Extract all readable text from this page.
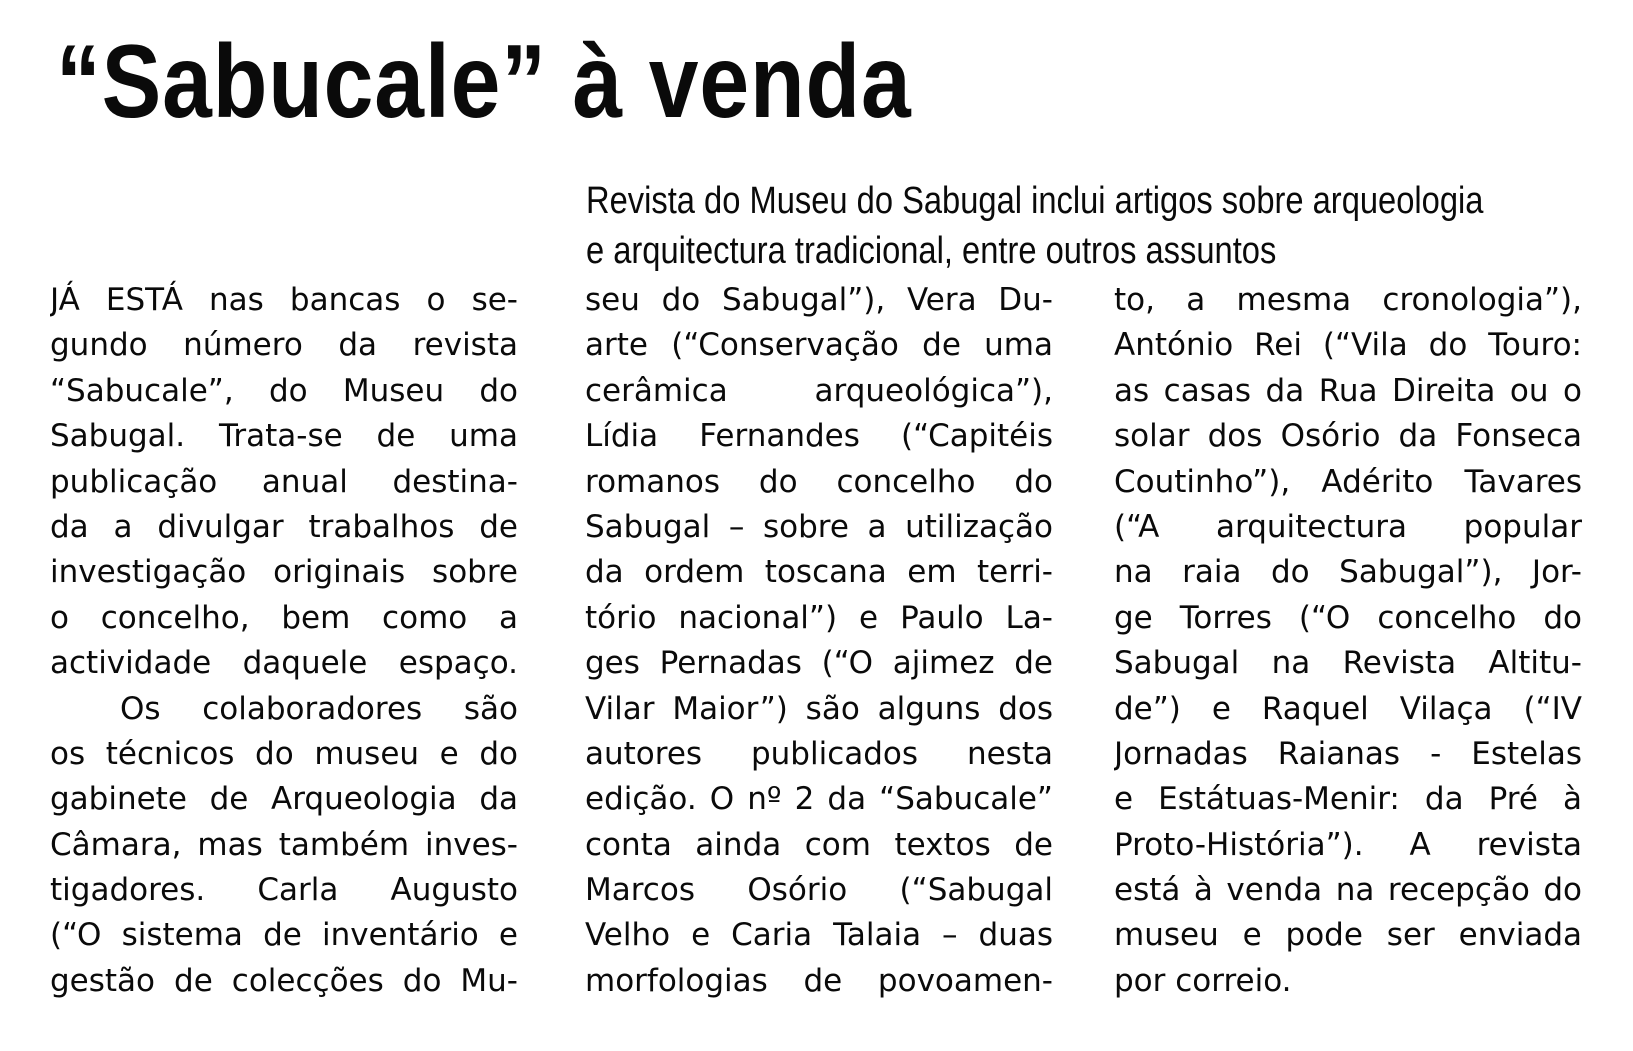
“Sabucale” à venda
Revista do Museu do Sabugal inclui artigos sobre arqueologia
e arquitectura tradicional, entre outros assuntos
JÁ ESTÁ nas bancas o se-
gundo número da revista
“Sabucale”, do Museu do
Sabugal. Trata-se de uma
publicação anual destina-
da a divulgar trabalhos de
investigação originais sobre
o concelho, bem como a
actividade daquele espaço.
Os colaboradores são
os técnicos do museu e do
gabinete de Arqueologia da
Câmara, mas também inves-
tigadores. Carla Augusto
(“O sistema de inventário e
gestão de colecções do Mu-
seu do Sabugal”), Vera Du-
arte (“Conservação de uma
cerâmica arqueológica”),
Lídia Fernandes (“Capitéis
romanos do concelho do
Sabugal – sobre a utilização
da ordem toscana em terri-
tório nacional”) e Paulo La-
ges Pernadas (“O ajimez de
Vilar Maior”) são alguns dos
autores publicados nesta
edição. O nº 2 da “Sabucale”
conta ainda com textos de
Marcos Osório (“Sabugal
Velho e Caria Talaia – duas
morfologias de povoamen-
to, a mesma cronologia”),
António Rei (“Vila do Touro:
as casas da Rua Direita ou o
solar dos Osório da Fonseca
Coutinho”), Adérito Tavares
(“A arquitectura popular
na raia do Sabugal”), Jor-
ge Torres (“O concelho do
Sabugal na Revista Altitu-
de”) e Raquel Vilaça (“IV
Jornadas Raianas - Estelas
e Estátuas-Menir: da Pré à
Proto-História”). A revista
está à venda na recepção do
museu e pode ser enviada
por correio.
